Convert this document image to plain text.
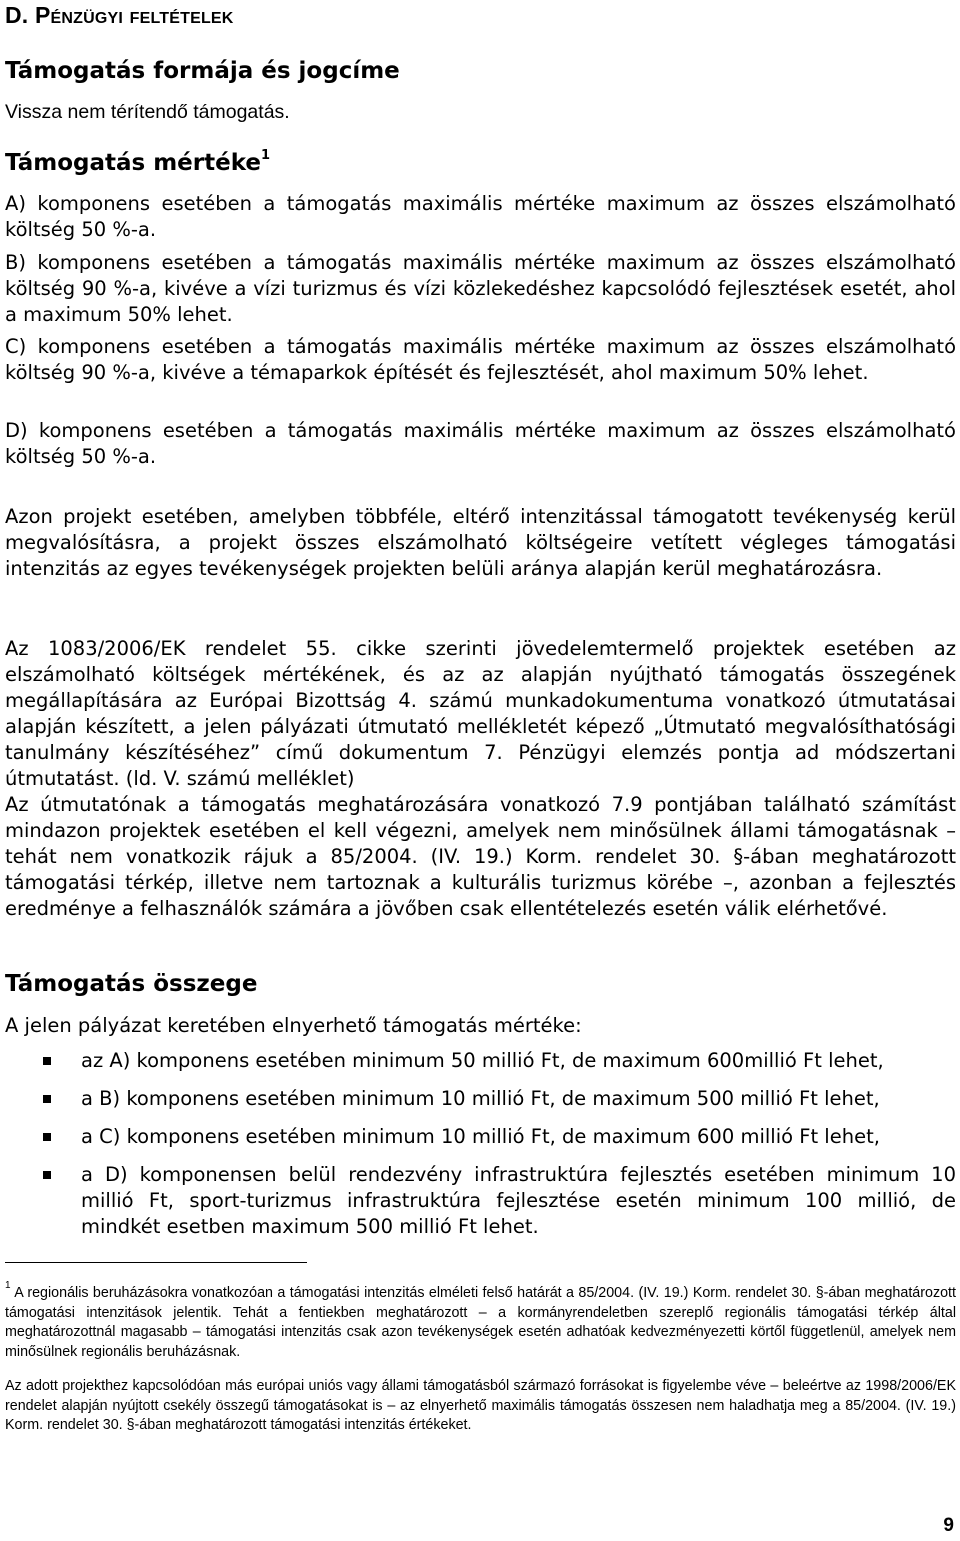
D. Pénzügyi feltételek
Támogatás formája és jogcíme
Vissza nem térítendő támogatás.
Támogatás mértéke$^1$
A) komponens esetében a támogatás maximális mértéke maximum az összes elszámolható költség 50 %-a.
B) komponens esetében a támogatás maximális mértéke maximum az összes elszámolható költség 90 %-a, kivéve a vízi turizmus és vízi közlekedéshez kapcsolódó fejlesztések esetét, ahol a maximum 50% lehet.
C) komponens esetében a támogatás maximális mértéke maximum az összes elszámolható költség 90 %-a, kivéve a témaparkok építését és fejlesztését, ahol maximum 50% lehet.
D) komponens esetében a támogatás maximális mértéke maximum az összes elszámolható költség 50 %-a.
Azon projekt esetében, amelyben többféle, eltérő intenzitással támogatott tevékenység kerül megvalósításra, a projekt összes elszámolható költségeire vetített végleges támogatási intenzitás az egyes tevékenységek projekten belüli aránya alapján kerül meghatározásra.
Az 1083/2006/EK rendelet 55. cikke szerinti jövedelemtermelő projektek esetében az elszámolható költségek mértékének, és az az alapján nyújtható támogatás összegének megállapítására az Európai Bizottság 4. számú munkadokumentuma vonatkozó útmutatásai alapján készített, a jelen pályázati útmutató mellékletét képező „Útmutató megvalósíthatósági tanulmány készítéséhez” című dokumentum 7. Pénzügyi elemzés pontja ad módszertani útmutatást. (ld. V. számú melléklet)
Az útmutatónak a támogatás meghatározására vonatkozó 7.9 pontjában található számítást mindazon projektek esetében el kell végezni, amelyek nem minősülnek állami támogatásnak –tehát nem vonatkozik rájuk a 85/2004. (IV. 19.) Korm. rendelet 30. §-ában meghatározott támogatási térkép, illetve nem tartoznak a kulturális turizmus körébe –, azonban a fejlesztés eredménye a felhasználók számára a jövőben csak ellentételezés esetén válik elérhetővé.
Támogatás összege
A jelen pályázat keretében elnyerhető támogatás mértéke:
az A) komponens esetében minimum 50 millió Ft, de maximum 600millió Ft lehet,
a B) komponens esetében minimum 10 millió Ft, de maximum 500 millió Ft lehet,
a C) komponens esetében minimum 10 millió Ft, de maximum 600 millió Ft lehet,
a D) komponensen belül rendezvény infrastruktúra fejlesztés esetében minimum 10 millió Ft, sport-turizmus infrastruktúra fejlesztése esetén minimum 100 millió, de mindkét esetben maximum 500 millió Ft lehet.
$^1$ A regionális beruházásokra vonatkozóan a támogatási intenzitás elméleti felső határát a 85/2004. (IV. 19.) Korm. rendelet 30. §-ában meghatározott támogatási intenzitások jelentik. Tehát a fentiekben meghatározott – a kormányrendeletben szereplő regionális támogatási térkép által meghatározottnál magasabb – támogatási intenzitás csak azon tevékenységek esetén adhatóak kedvezményezetti körtől függetlenül, amelyek nem minősülnek regionális beruházásnak.
Az adott projekthez kapcsolódóan más európai uniós vagy állami támogatásból származó forrásokat is figyelembe véve – beleértve az 1998/2006/EK rendelet alapján nyújtott csekély összegű támogatásokat is – az elnyerhető maximális támogatás összesen nem haladhatja meg a 85/2004. (IV. 19.) Korm. rendelet 30. §-ában meghatározott támogatási intenzitás értékeket.
9
